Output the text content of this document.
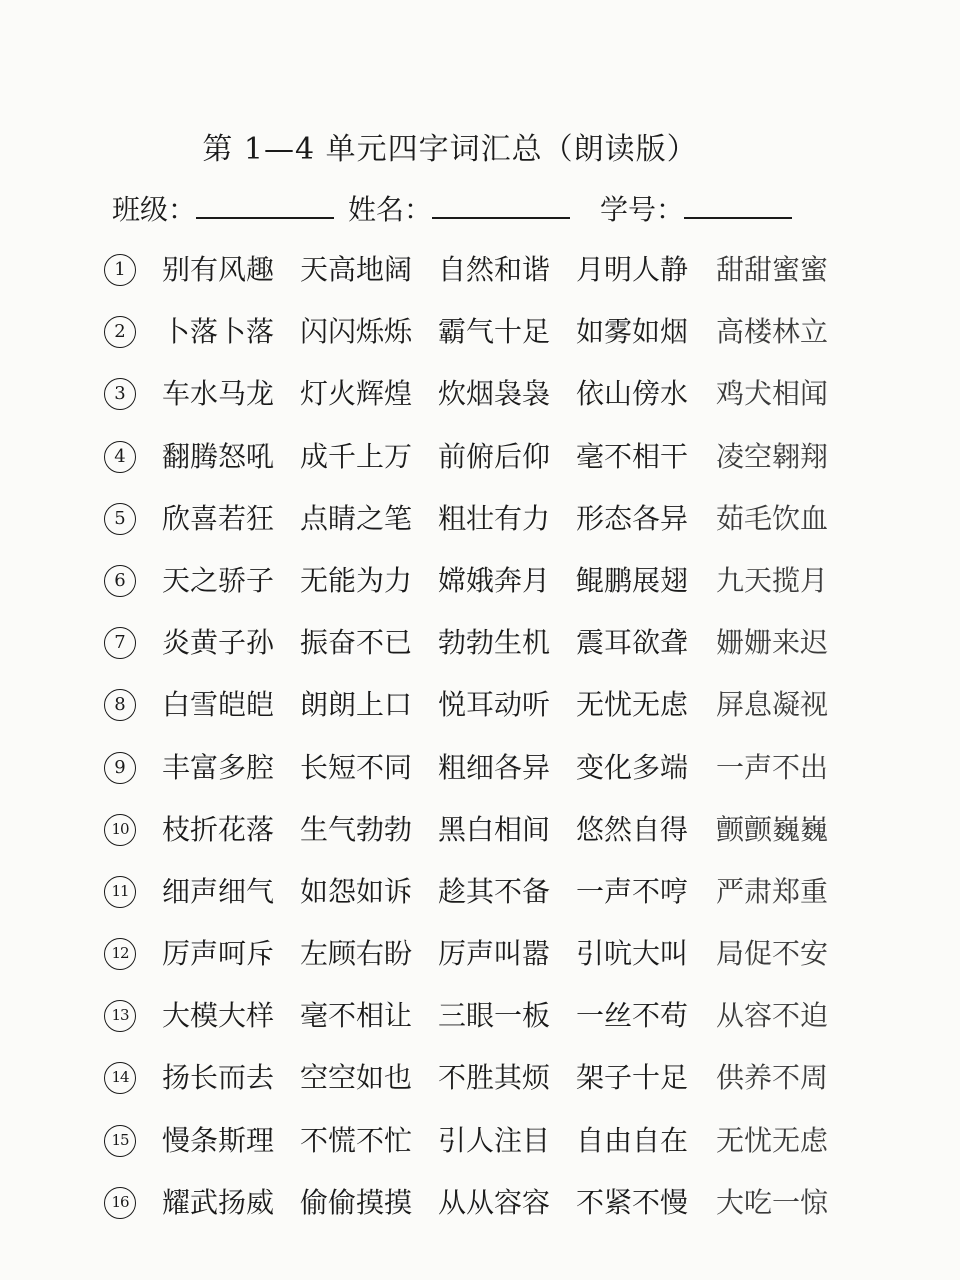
第 1—4 单元四字词汇总（朗读版）
班级：	姓名：	学号：
1	别有风趣 天高地阔 自然和谐 月明人静 甜甜蜜蜜
2	卜落卜落 闪闪烁烁 霸气十足 如雾如烟 高楼林立
3	车水马龙 灯火辉煌 炊烟袅袅 依山傍水 鸡犬相闻
4	翻腾怒吼 成千上万 前俯后仰 毫不相干 凌空翱翔
5	欣喜若狂 点睛之笔 粗壮有力 形态各异 茹毛饮血
6	天之骄子 无能为力 嫦娥奔月 鲲鹏展翅 九天揽月
7	炎黄子孙 振奋不已 勃勃生机 震耳欲聋 姗姗来迟
8	白雪皑皑 朗朗上口 悦耳动听 无忧无虑 屏息凝视
9	丰富多腔 长短不同 粗细各异 变化多端 一声不出
10 枝折花落 生气勃勃 黑白相间 悠然自得 颤颤巍巍
11 细声细气 如怨如诉 趁其不备 一声不哼 严肃郑重
12 厉声呵斥 左顾右盼 厉声叫嚣 引吭大叫 局促不安
13 大模大样 毫不相让 三眼一板 一丝不苟 从容不迫
14 扬长而去 空空如也 不胜其烦 架子十足 供养不周
15 慢条斯理 不慌不忙 引人注目 自由自在 无忧无虑
16 耀武扬威 偷偷摸摸 从从容容 不紧不慢 大吃一惊
